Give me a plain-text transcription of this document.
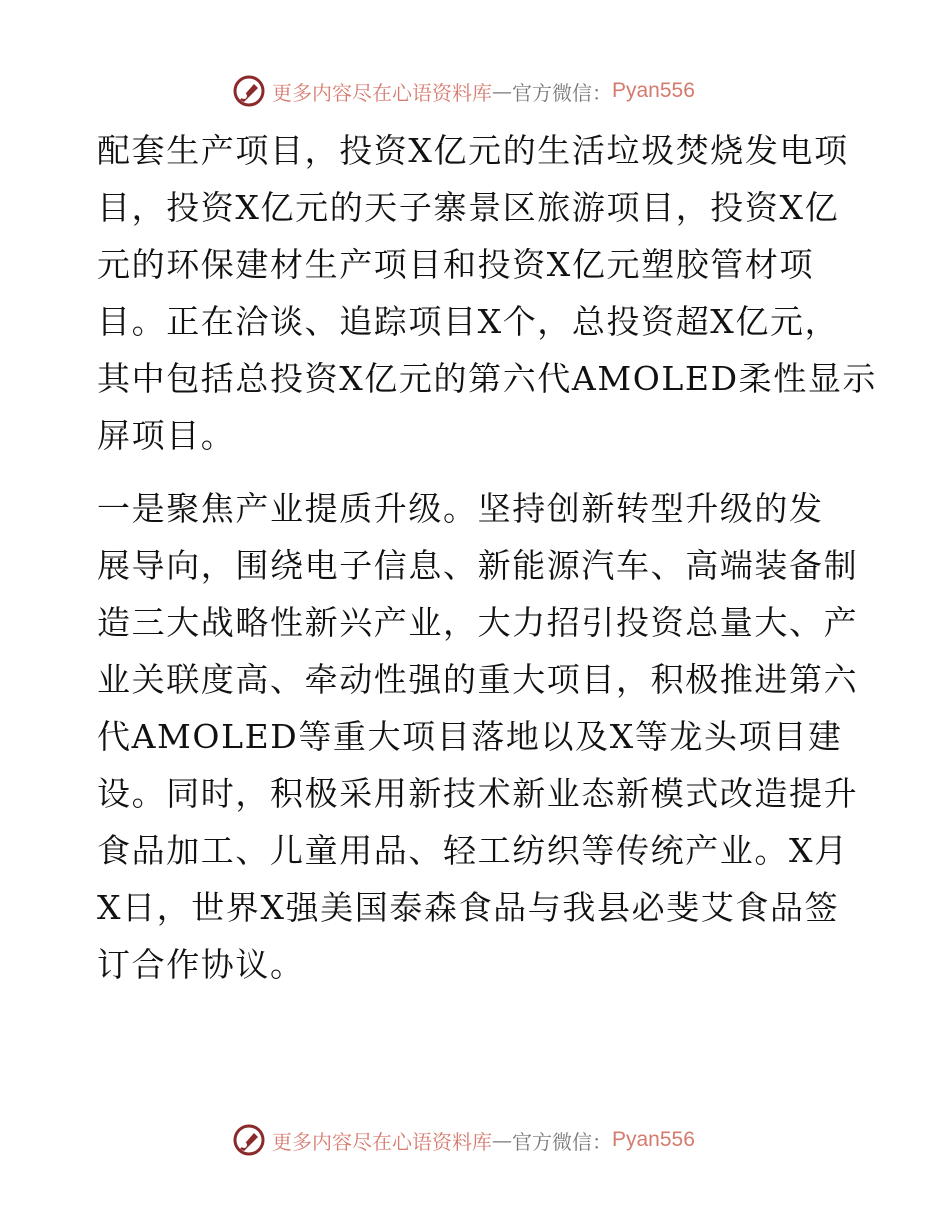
更多内容尽在心语资料库 — 官方微信： Pyan556
配套生产项目，投资X亿元的生活垃圾焚烧发电项
目，投资X亿元的天子寨景区旅游项目，投资X亿
元的环保建材生产项目和投资X亿元塑胶管材项
目。正在洽谈、追踪项目X个，总投资超X亿元，
其中包括总投资X亿元的第六代AMOLED柔性显示
屏项目。
一是聚焦产业提质升级。坚持创新转型升级的发
展导向，围绕电子信息、新能源汽车、高端装备制
造三大战略性新兴产业，大力招引投资总量大、产
业关联度高、牵动性强的重大项目，积极推进第六
代AMOLED等重大项目落地以及X等龙头项目建
设。同时，积极采用新技术新业态新模式改造提升
食品加工、儿童用品、轻工纺织等传统产业。X月
X日，世界X强美国泰森食品与我县必斐艾食品签
订合作协议。
更多内容尽在心语资料库 — 官方微信： Pyan556
